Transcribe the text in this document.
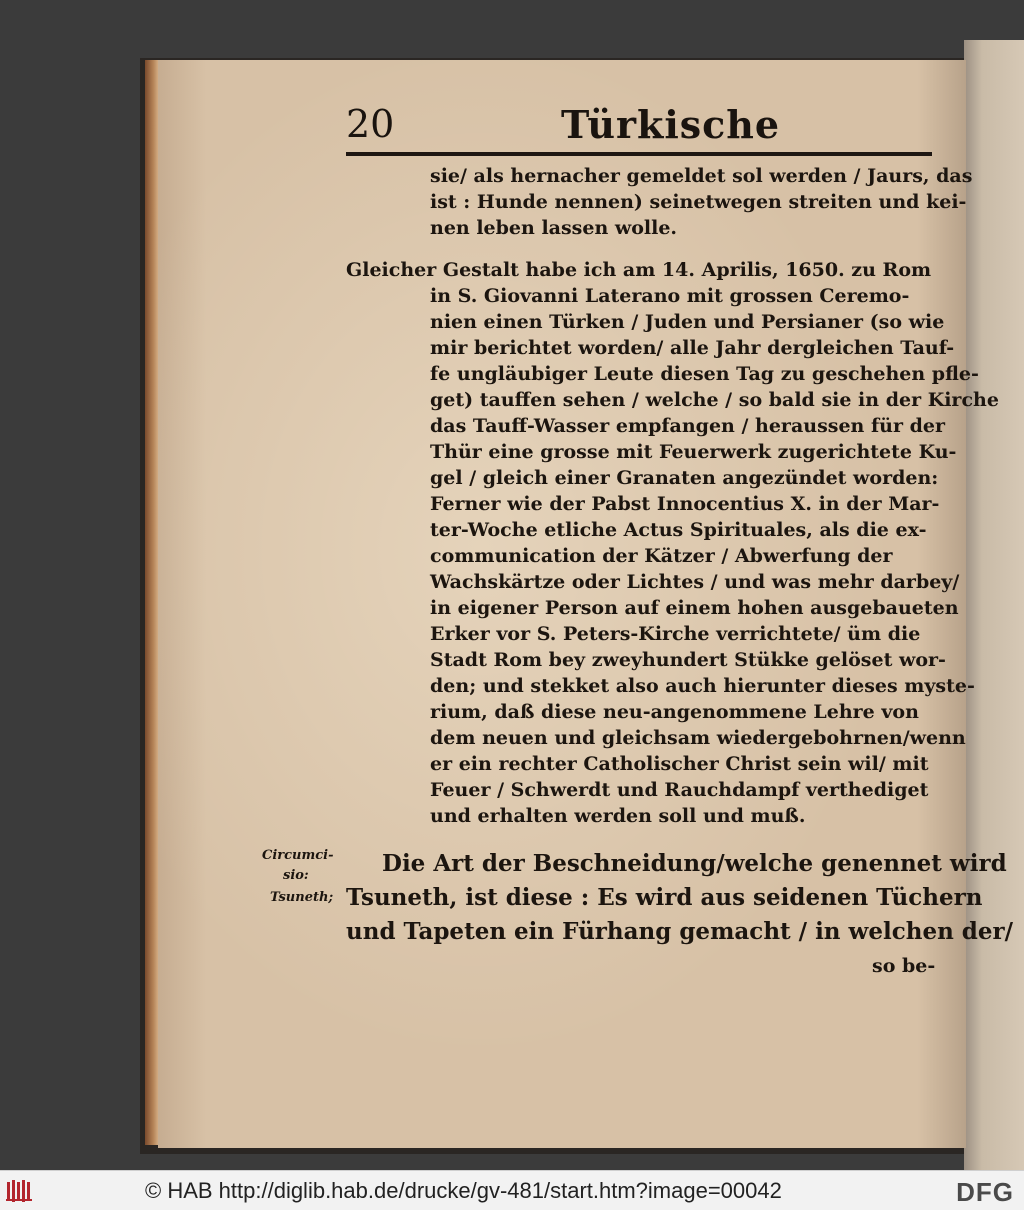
20	Türkische
sie/ als hernacher gemeldet sol werden / Jaurs, das
ist : Hunde nennen) seinetwegen streiten und kei-
nen leben lassen wolle.
Gleicher Gestalt habe ich am 14. Aprilis, 1650. zu Rom
in S. Giovanni Laterano mit grossen Ceremo-
nien einen Türken / Juden und Persianer (so wie
mir berichtet worden/ alle Jahr dergleichen Tauf-
fe ungläubiger Leute diesen Tag zu geschehen pfle-
get) tauffen sehen / welche / so bald sie in der Kirche
das Tauff-Wasser empfangen / heraussen für der
Thür eine grosse mit Feuerwerk zugerichtete Ku-
gel / gleich einer Granaten angezündet worden:
Ferner wie der Pabst Innocentius X. in der Mar-
ter-Woche etliche Actus Spirituales, als die ex-
communication der Kätzer / Abwerfung der
Wachskärtze oder Lichtes / und was mehr darbey/
in eigener Person auf einem hohen ausgebaueten
Erker vor S. Peters-Kirche verrichtete/ üm die
Stadt Rom bey zweyhundert Stükke gelöset wor-
den; und stekket also auch hierunter dieses myste-
rium, daß diese neu-angenommene Lehre von
dem neuen und gleichsam wiedergebohrnen/wenn
er ein rechter Catholischer Christ sein wil/ mit
Feuer / Schwerdt und Rauchdampf verthediget
und erhalten werden soll und muß.
Circumci-
sio:
Tsuneth;
Die Art der Beschneidung/welche genennet wird
Tsuneth, ist diese : Es wird aus seidenen Tüchern
und Tapeten ein Fürhang gemacht / in welchen der/
so be-
© HAB http://diglib.hab.de/drucke/gv-481/start.htm?image=00042	DFG
